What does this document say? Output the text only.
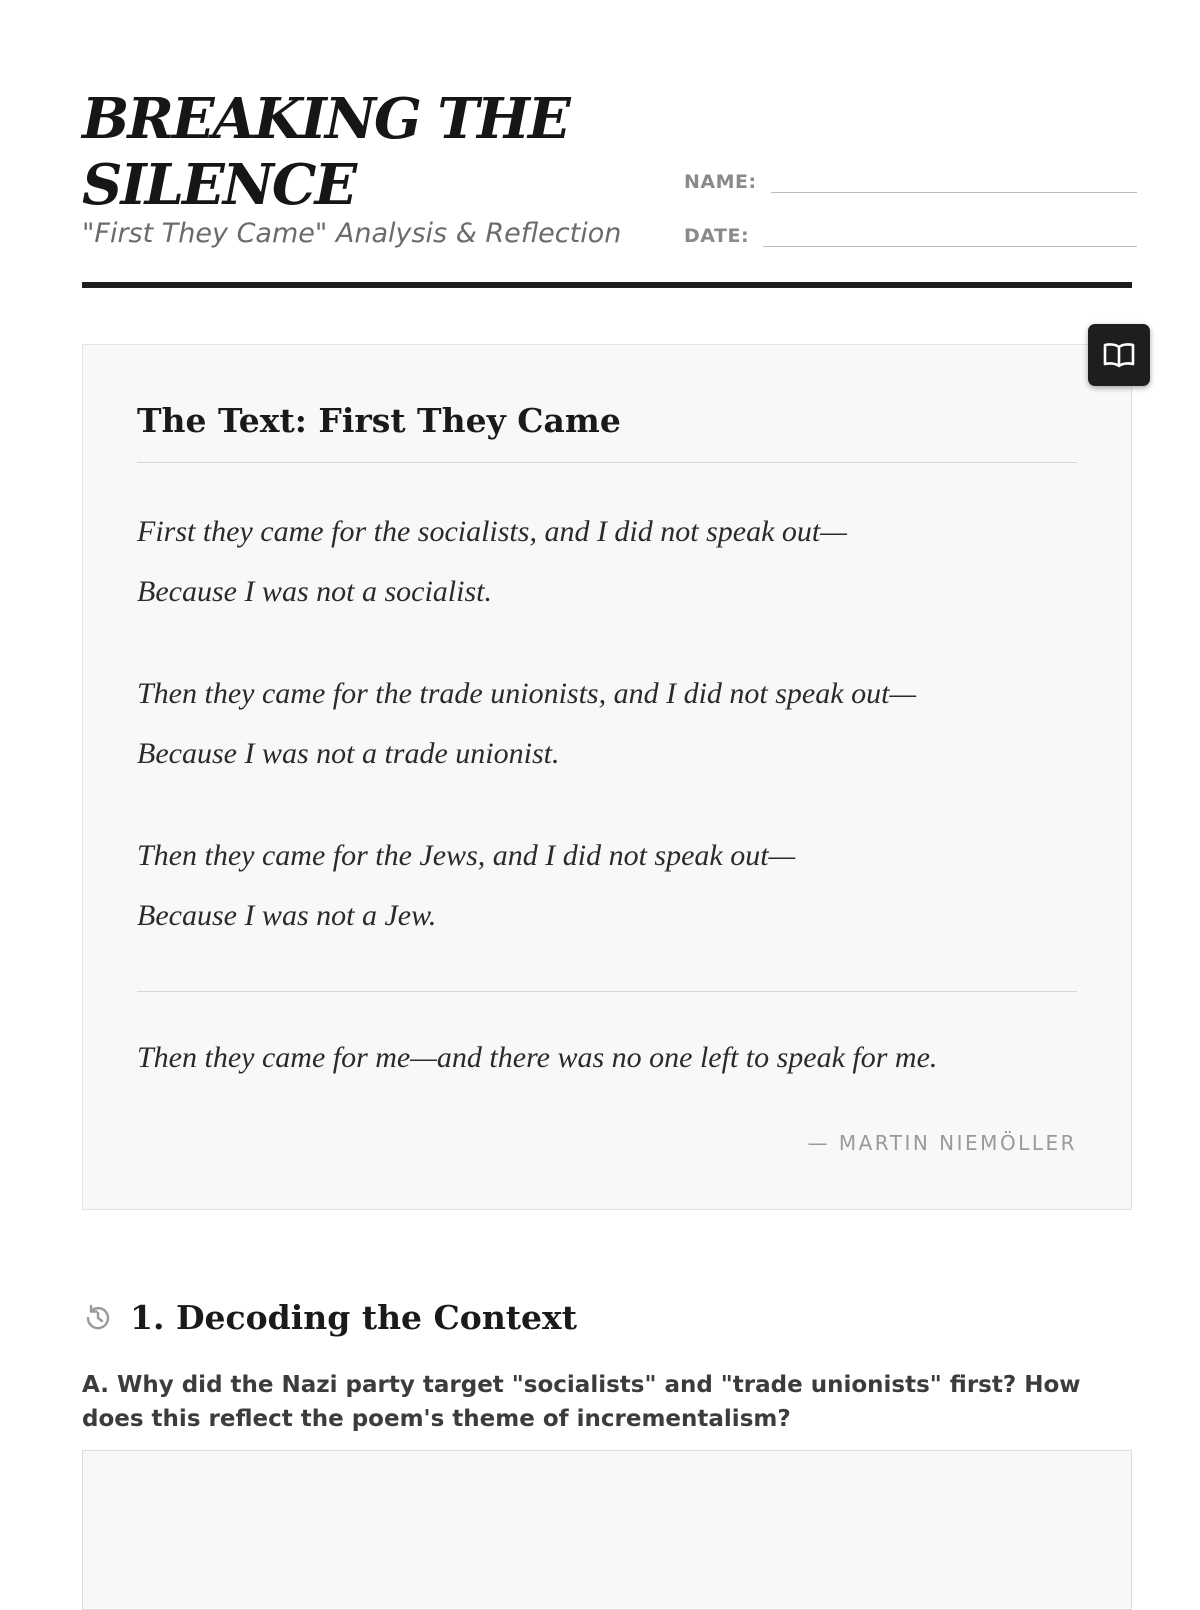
BREAKING THE
SILENCE

"First They Came" Analysis & Reflection

NAME:
DATE:
The Text: First They Came

First they came for the socialists, and I did not speak out—

Because I was not a socialist.

Then they came for the trade unionists, and I did not speak out—

Because I was not a trade unionist.

Then they came for the Jews, and I did not speak out—

Because I was not a Jew.

Then they came for me—and there was no one left to speak for me.

— MARTIN NIEMÖLLER
1. Decoding the Context

A. Why did the Nazi party target "socialists" and "trade unionists" first? How does this reflect the poem's theme of incrementalism?
